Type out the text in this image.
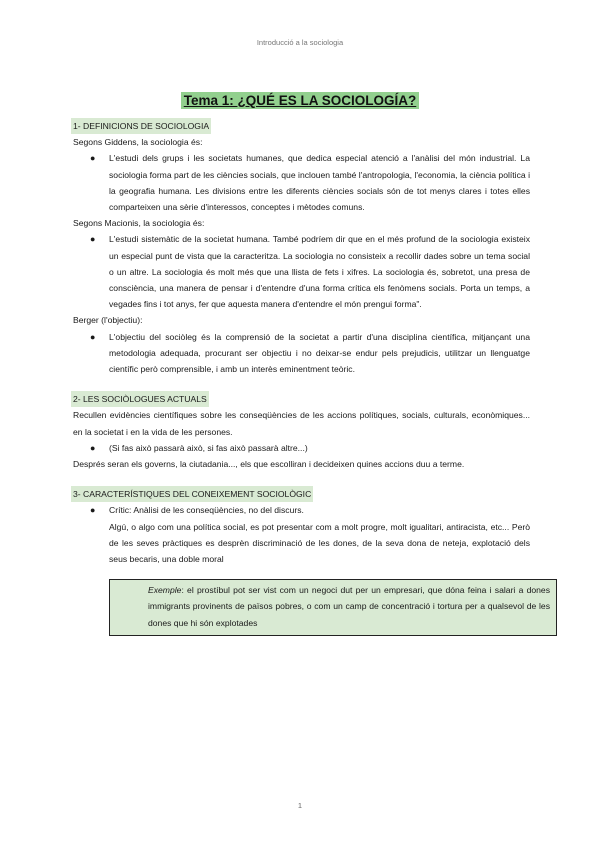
Introducció a la sociologia
Tema 1: ¿QUÉ ES LA SOCIOLOGÍA?
1- DEFINICIONS DE SOCIOLOGIA

Segons Giddens, la sociologia és:

● L'estudi dels grups i les societats humanes, que dedica especial atenció a l'anàlisi del món industrial. La sociologia forma part de les ciències socials, que inclouen també l'antropologia, l'economia, la ciència política i la geografia humana. Les divisions entre les diferents ciències socials són de tot menys clares i totes elles comparteixen una sèrie d'interessos, conceptes i mètodes comuns.

Segons Macionis, la sociologia és:

● L'estudi sistemàtic de la societat humana. També podríem dir que en el més profund de la sociologia existeix un especial punt de vista que la caracteritza. La sociologia no consisteix a recollir dades sobre un tema social o un altre. La sociologia és molt més que una llista de fets i xifres. La sociologia és, sobretot, una presa de consciència, una manera de pensar i d'entendre d'una forma crítica els fenòmens socials. Porta un temps, a vegades fins i tot anys, fer que aquesta manera d'entendre el món prengui forma".

Berger (l'objectiu):

● L'objectiu del sociòleg és la comprensió de la societat a partir d'una disciplina científica, mitjançant una metodologia adequada, procurant ser objectiu i no deixar-se endur pels prejudicis, utilitzar un llenguatge científic però comprensible, i amb un interès eminentment teòric.

2- LES SOCIÒLOGUES ACTUALS

Recullen evidències científiques sobre les conseqüències de les accions polítiques, socials, culturals, econòmiques... en la societat i en la vida de les persones.

● (Si fas això passarà això, si fas això passarà altre...)

Després seran els governs, la ciutadania..., els que escolliran i decideixen quines accions duu a terme.

3- CARACTERÍSTIQUES DEL CONEIXEMENT SOCIOLÒGIC

● Crític: Anàlisi de les conseqüències, no del discurs.

Algú, o algo com una política social, es pot presentar com a molt progre, molt igualitari, antiracista, etc... Però de les seves pràctiques es desprèn discriminació de les dones, de la seva dona de neteja, explotació dels seus becaris, una doble moral

Exemple: el prostíbul pot ser vist com un negoci dut per un empresari, que dóna feina i salari a dones immigrants provinents de països pobres, o com un camp de concentració i tortura per a qualsevol de les dones que hi són explotades
1
